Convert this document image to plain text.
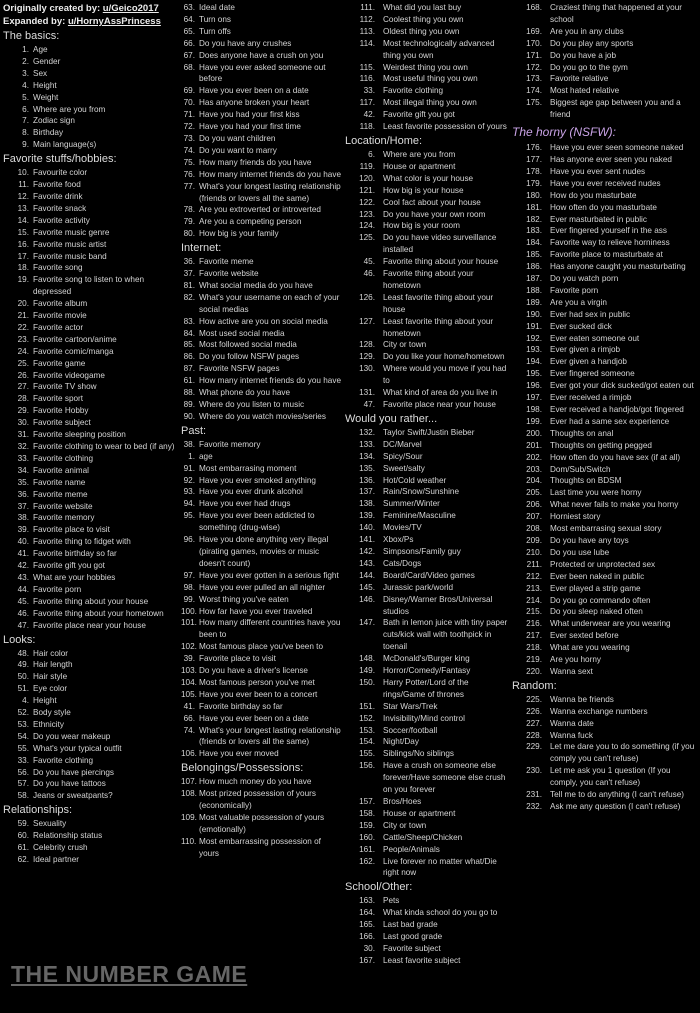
Originally created by: u/Geico2017
Expanded by: u/HornyAssPrincess
The basics:
1. Age
2. Gender
3. Sex
4. Height
5. Weight
6. Where are you from
7. Zodiac sign
8. Birthday
9. Main language(s)
Favorite stuffs/hobbies:
10. Favourite color
11. Favorite food
12. Favorite drink
13. Favorite snack
14. Favorite activity
15. Favorite music genre
16. Favorite music artist
17. Favorite music band
18. Favorite song
19. Favorite song to listen to when depressed
20. Favorite album
21. Favorite movie
22. Favorite actor
23. Favorite cartoon/anime
24. Favorite comic/manga
25. Favorite game
26. Favorite videogame
27. Favorite TV show
28. Favorite sport
29. Favorite Hobby
30. Favorite subject
31. Favorite sleeping position
32. Favorite clothing to wear to bed (if any)
33. Favorite clothing
34. Favorite animal
35. Favorite name
36. Favorite meme
37. Favorite website
38. Favorite memory
39. Favorite place to visit
40. Favorite thing to fidget with
41. Favorite birthday so far
42. Favorite gift you got
43. What are your hobbies
44. Favorite porn
45. Favorite thing about your house
46. Favorite thing about your hometown
47. Favorite place near your house
Looks:
48. Hair color
49. Hair length
50. Hair style
51. Eye color
4. Height
52. Body style
53. Ethnicity
54. Do you wear makeup
55. What's your typical outfit
33. Favorite clothing
56. Do you have piercings
57. Do you have tattoos
58. Jeans or sweatpants?
Relationships:
59. Sexuality
60. Relationship status
61. Celebrity crush
62. Ideal partner
63. Ideal date
64. Turn ons
65. Turn offs
66. Do you have any crushes
67. Does anyone have a crush on you
68. Have you ever asked someone out before
69. Have you ever been on a date
70. Has anyone broken your heart
71. Have you had your first kiss
72. Have you had your first time
73. Do you want children
74. Do you want to marry
75. How many friends do you have
76. How many internet friends do you have
77. What's your longest lasting relationship (friends or lovers all the same)
78. Are you extroverted or introverted
79. Are you a competing person
80. How big is your family
Internet:
36. Favorite meme
37. Favorite website
81. What social media do you have
82. What's your username on each of your social medias
83. How active are you on social media
84. Most used social media
85. Most followed social media
86. Do you follow NSFW pages
87. Favorite NSFW pages
61. How many internet friends do you have
88. What phone do you have
89. Where do you listen to music
90. Where do you watch movies/series
Past:
38. Favorite memory
1. age
91. Most embarrasing moment
92. Have you ever smoked anything
93. Have you ever drunk alcohol
94. Have you ever had drugs
95. Have you ever been addicted to something (drug-wise)
96. Have you done anything very illegal (pirating games, movies or music doesn't count)
97. Have you ever gotten in a serious fight
98. Have you ever pulled an all nighter
99. Worst thing you've eaten
100. How far have you ever traveled
101. How many different countries have you been to
102. Most famous place you've been to
39. Favorite place to visit
103. Do you have a driver's license
104. Most famous person you've met
105. Have you ever been to a concert
41. Favorite birthday so far
66. Have you ever been on a date
74. What's your longest lasting relationship (friends or lovers all the same)
106. Have you ever moved
Belongings/Possessions:
107. How much money do you have
108. Most prized possession of yours (economically)
109. Most valuable possession of yours (emotionally)
110. Most embarrassing possession of yours
111. What did you last buy
112. Coolest thing you own
113. Oldest thing you own
114. Most technologically advanced thing you own
115. Weirdest thing you own
116. Most useful thing you own
33. Favorite clothing
117. Most illegal thing you own
42. Favorite gift you got
118. Least favorite possession of yours
Location/Home:
6. Where are you from
119. House or apartment
120. What color is your house
121. How big is your house
122. Cool fact about your house
123. Do you have your own room
124. How big is your room
125. Do you have video surveillance installed
45. Favorite thing about your house
46. Favorite thing about your hometown
126. Least favorite thing about your house
127. Least favorite thing about your hometown
128. City or town
129. Do you like your home/hometown
130. Where would you move if you had to
131. What kind of area do you live in
47. Favorite place near your house
Would you rather...
132. Taylor Swift/Justin Bieber
133. DC/Marvel
134. Spicy/Sour
135. Sweet/salty
136. Hot/Cold weather
137. Rain/Snow/Sunshine
138. Summer/Winter
139. Feminine/Masculine
140. Movies/TV
141. Xbox/Ps
142. Simpsons/Family guy
143. Cats/Dogs
144. Board/Card/Video games
145. Jurassic park/world
146. Disney/Warner Bros/Universal studios
147. Bath in lemon juice with tiny paper cuts/kick wall with toothpick in toenail
148. McDonald's/Burger king
149. Horror/Comedy/Fantasy
150. Harry Potter/Lord of the rings/Game of thrones
151. Star Wars/Trek
152. Invisibility/Mind control
153. Soccer/football
154. Night/Day
155. Siblings/No siblings
156. Have a crush on someone else forever/Have someone else crush on you forever
157. Bros/Hoes
158. House or apartment
159. City or town
160. Cattle/Sheep/Chicken
161. People/Animals
162. Live forever no matter what/Die right now
School/Other:
163. Pets
164. What kinda school do you go to
165. Last bad grade
166. Last good grade
30. Favorite subject
167. Least favorite subject
168. Craziest thing that happened at your school
169. Are you in any clubs
170. Do you play any sports
171. Do you have a job
172. Do you go to the gym
173. Favorite relative
174. Most hated relative
175. Biggest age gap between you and a friend
The horny (NSFW):
176. Have you ever seen someone naked
177. Has anyone ever seen you naked
178. Have you ever sent nudes
179. Have you ever received nudes
180. How do you masturbate
181. How often do you masturbate
182. Ever masturbated in public
183. Ever fingered yourself in the ass
184. Favorite way to relieve horniness
185. Favorite place to masturbate at
186. Has anyone caught you masturbating
187. Do you watch porn
188. Favorite porn
189. Are you a virgin
190. Ever had sex in public
191. Ever sucked dick
192. Ever eaten someone out
193. Ever given a rimjob
194. Ever given a handjob
195. Ever fingered someone
196. Ever got your dick sucked/got eaten out
197. Ever received a rimjob
198. Ever received a handjob/got fingered
199. Ever had a same sex experience
200. Thoughts on anal
201. Thoughts on getting pegged
202. How often do you have sex (if at all)
203. Dom/Sub/Switch
204. Thoughts on BDSM
205. Last time you were horny
206. What never fails to make you horny
207. Horniest story
208. Most embarrasing sexual story
209. Do you have any toys
210. Do you use lube
211. Protected or unprotected sex
212. Ever been naked in public
213. Ever played a strip game
214. Do you go commando often
215. Do you sleep naked often
216. What underwear are you wearing
217. Ever sexted before
218. What are you wearing
219. Are you horny
220. Wanna sext
Random:
225. Wanna be friends
226. Wanna exchange numbers
227. Wanna date
228. Wanna fuck
229. Let me dare you to do something (if you comply you can't refuse)
230. Let me ask you 1 question (If you comply, you can't refuse)
231. Tell me to do anything (I can't refuse)
232. Ask me any question (I can't refuse)
THE NUMBER GAME
